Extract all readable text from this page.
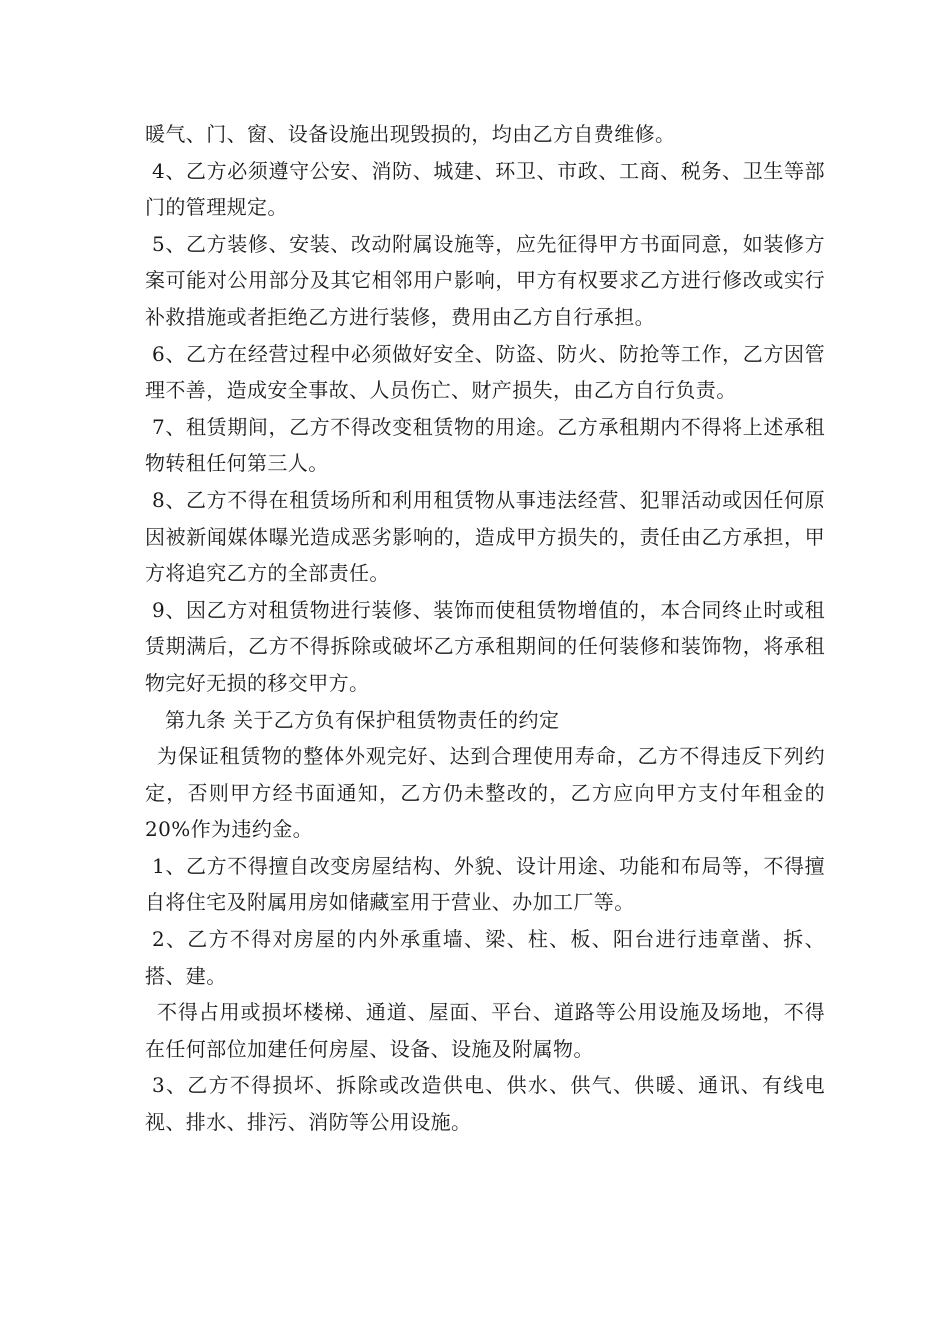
暖气、门、窗、设备设施出现毁损的，均由乙方自费维修。

4、乙方必须遵守公安、消防、城建、环卫、市政、工商、税务、卫生等部门的管理规定。

5、乙方装修、安装、改动附属设施等，应先征得甲方书面同意，如装修方案可能对公用部分及其它相邻用户影响，甲方有权要求乙方进行修改或实行补救措施或者拒绝乙方进行装修，费用由乙方自行承担。

6、乙方在经营过程中必须做好安全、防盗、防火、防抢等工作，乙方因管理不善，造成安全事故、人员伤亡、财产损失，由乙方自行负责。

7、租赁期间，乙方不得改变租赁物的用途。乙方承租期内不得将上述承租物转租任何第三人。

8、乙方不得在租赁场所和利用租赁物从事违法经营、犯罪活动或因任何原因被新闻媒体曝光造成恶劣影响的，造成甲方损失的，责任由乙方承担，甲方将追究乙方的全部责任。

9、因乙方对租赁物进行装修、装饰而使租赁物增值的，本合同终止时或租赁期满后，乙方不得拆除或破坏乙方承租期间的任何装修和装饰物，将承租物完好无损的移交甲方。

第九条 关于乙方负有保护租赁物责任的约定

为保证租赁物的整体外观完好、达到合理使用寿命，乙方不得违反下列约定，否则甲方经书面通知，乙方仍未整改的，乙方应向甲方支付年租金的20%作为违约金。

1、乙方不得擅自改变房屋结构、外貌、设计用途、功能和布局等，不得擅自将住宅及附属用房如储藏室用于营业、办加工厂等。

2、乙方不得对房屋的内外承重墙、梁、柱、板、阳台进行违章凿、拆、搭、建。

不得占用或损坏楼梯、通道、屋面、平台、道路等公用设施及场地，不得在任何部位加建任何房屋、设备、设施及附属物。

3、乙方不得损坏、拆除或改造供电、供水、供气、供暖、通讯、有线电视、排水、排污、消防等公用设施。
